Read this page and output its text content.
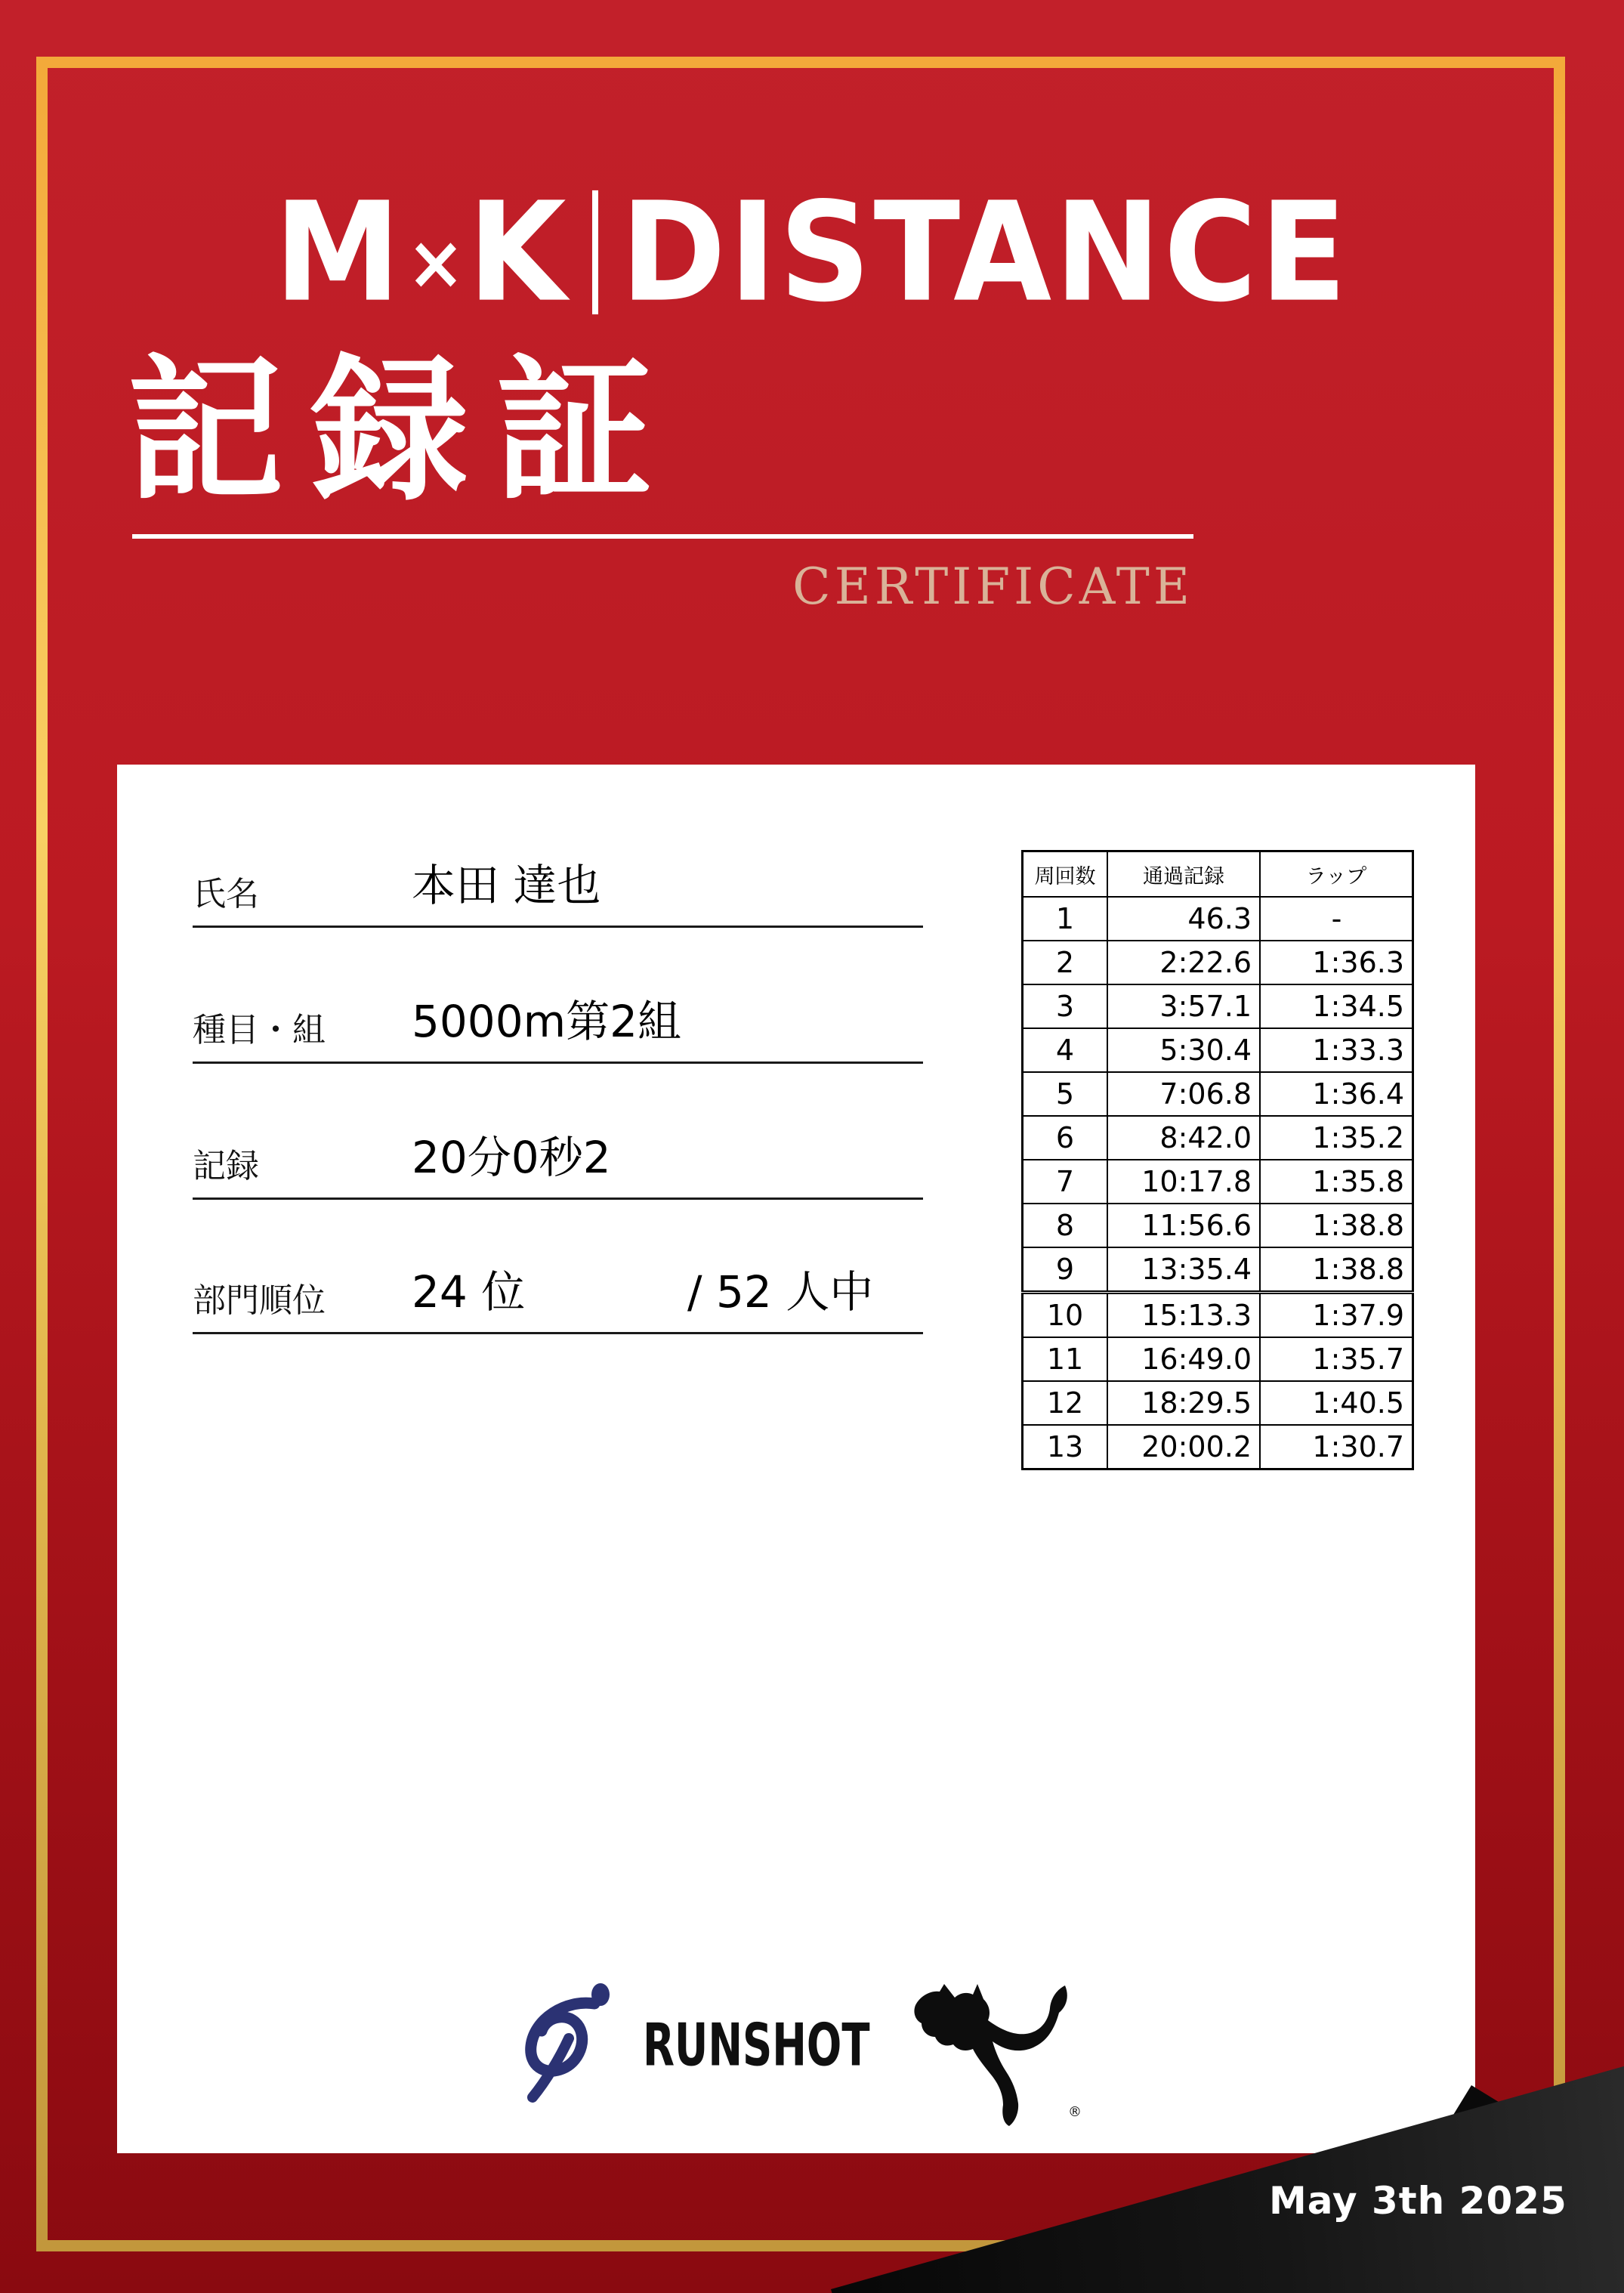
M × K DISTANCE
記録証
CERTIFICATE
氏名	本田 達也
種目・組 5000m第2組
記録	20分0秒2
部門順位 24 位	/ 52 人中
周回数	通過記録	ラップ
1	46.3	-
2	2:22.6	1:36.3
3	3:57.1	1:34.5
4	5:30.4	1:33.3
5	7:06.8	1:36.4
6	8:42.0	1:35.2
7	10:17.8	1:35.8
8	11:56.6	1:38.8
9	13:35.4	1:38.8
10	15:13.3	1:37.9
11	16:49.0	1:35.7
12	18:29.5	1:40.5
13	20:00.2	1:30.7
RUNSHOT
®
May 3th 2025
